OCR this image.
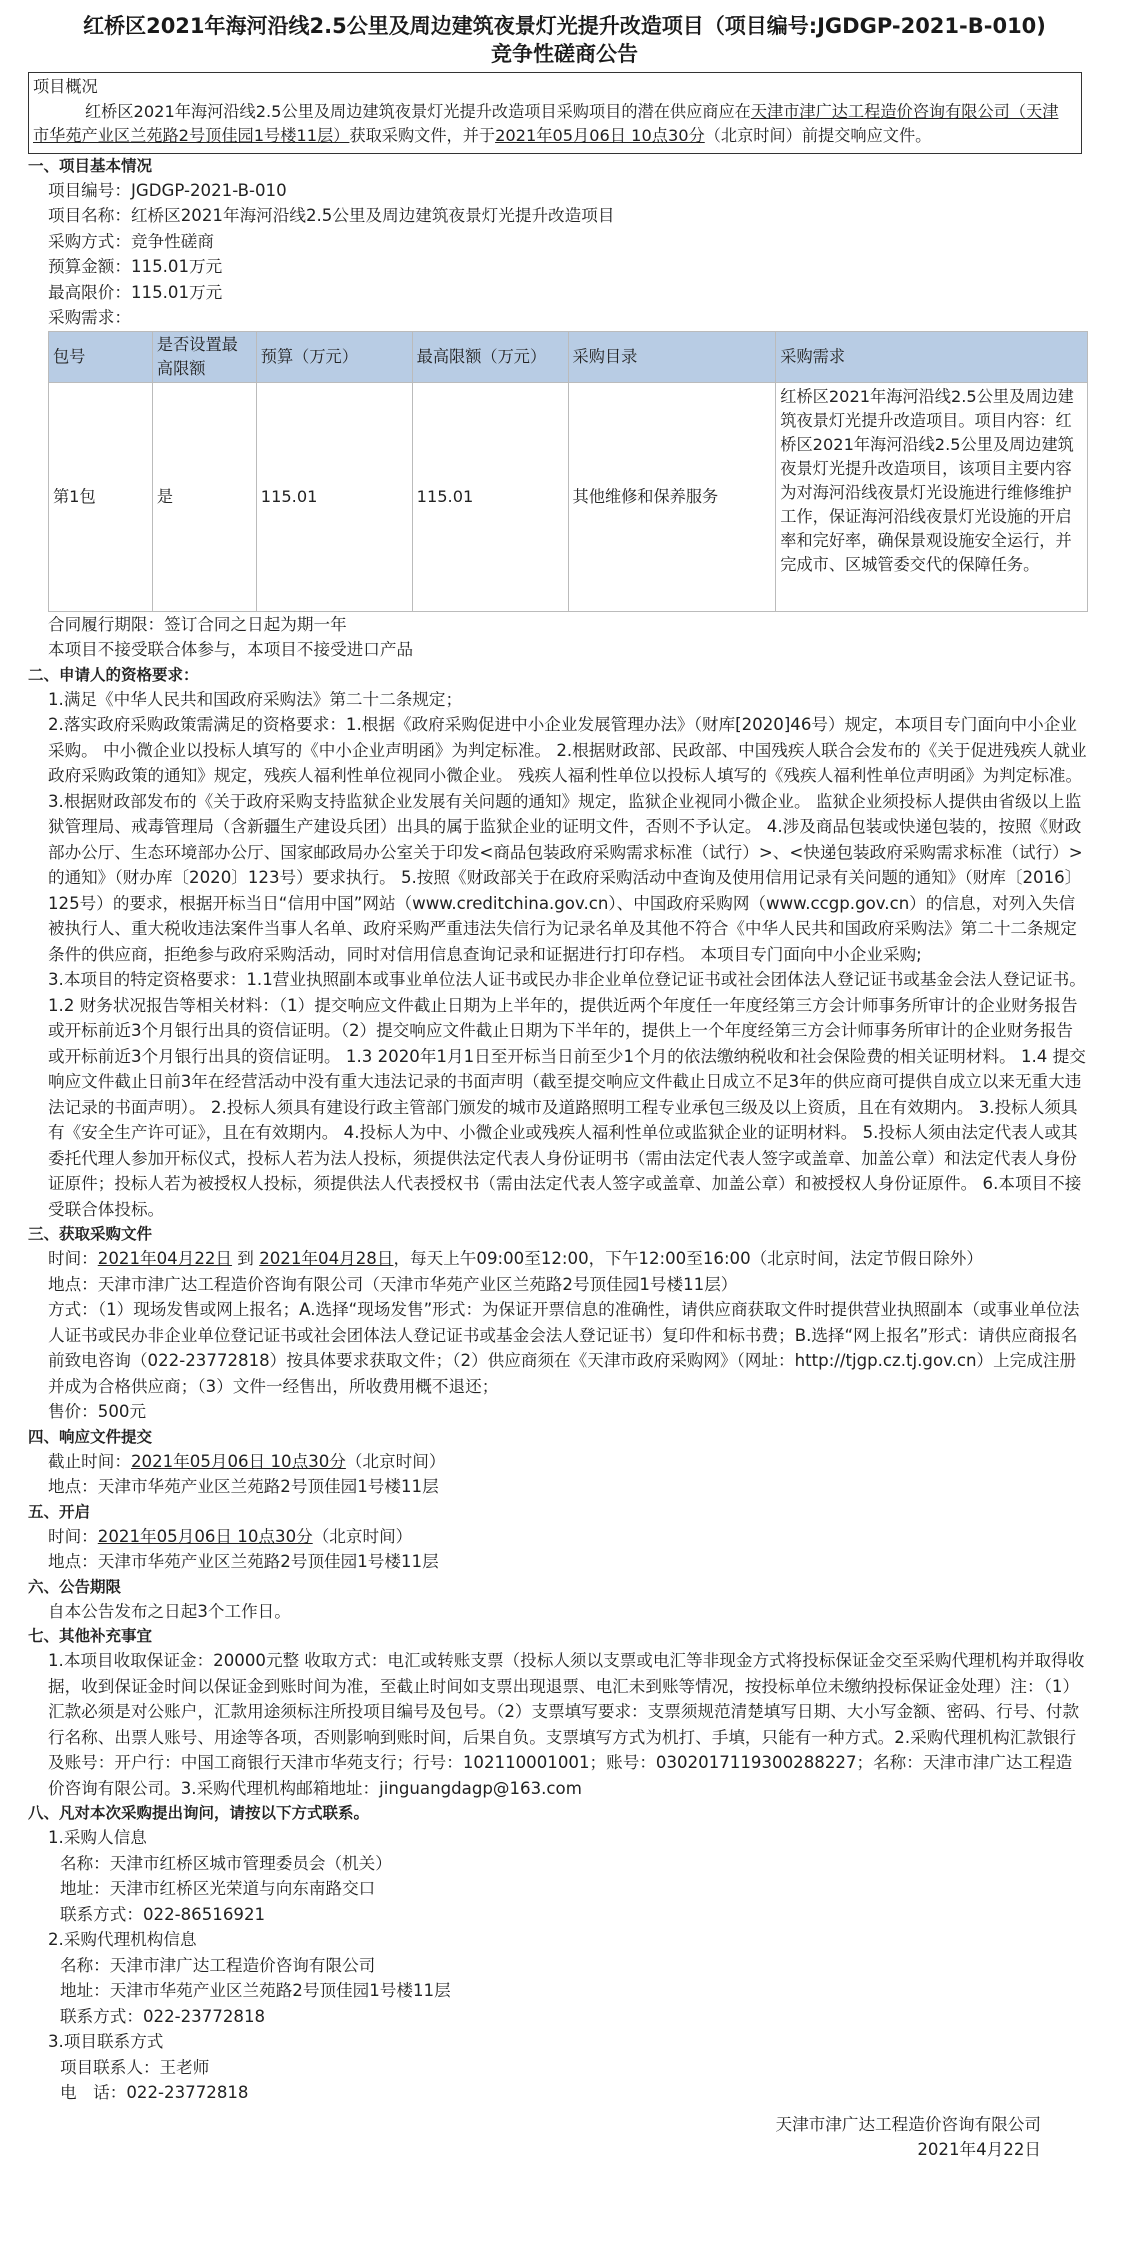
红桥区2021年海河沿线2.5公里及周边建筑夜景灯光提升改造项目（项目编号:JGDGP-2021-B-010)
竞争性磋商公告
项目概况

红桥区2021年海河沿线2.5公里及周边建筑夜景灯光提升改造项目采购项目的潜在供应商应在天津市津广达工程造价咨询有限公司（天津市华苑产业区兰苑路2号顶佳园1号楼11层）获取采购文件，并于2021年05月06日 10点30分（北京时间）前提交响应文件。

一、项目基本情况
项目编号：JGDGP-2021-B-010
项目名称：红桥区2021年海河沿线2.5公里及周边建筑夜景灯光提升改造项目
采购方式：竞争性磋商
预算金额：115.01万元
最高限价：115.01万元
采购需求：
包号	是否设置最高限额	预算（万元）	最高限额（万元）	采购目录	采购需求
第1包	是	115.01	115.01	其他维修和保养服务	红桥区2021年海河沿线2.5公里及周边建筑夜景灯光提升改造项目。项目内容：红桥区2021年海河沿线2.5公里及周边建筑夜景灯光提升改造项目，该项目主要内容为对海河沿线夜景灯光设施进行维修维护工作，保证海河沿线夜景灯光设施的开启率和完好率，确保景观设施安全运行，并完成市、区城管委交代的保障任务。
合同履行期限：签订合同之日起为期一年
本项目不接受联合体参与，本项目不接受进口产品
二、申请人的资格要求：
1.满足《中华人民共和国政府采购法》第二十二条规定；
2.落实政府采购政策需满足的资格要求：1.根据《政府采购促进中小企业发展管理办法》（财库[2020]46号）规定，本项目专门面向中小企业采购。 中小微企业以投标人填写的《中小企业声明函》为判定标准。 2.根据财政部、民政部、中国残疾人联合会发布的《关于促进残疾人就业政府采购政策的通知》规定，残疾人福利性单位视同小微企业。 残疾人福利性单位以投标人填写的《残疾人福利性单位声明函》为判定标准。 3.根据财政部发布的《关于政府采购支持监狱企业发展有关问题的通知》规定，监狱企业视同小微企业。 监狱企业须投标人提供由省级以上监狱管理局、戒毒管理局（含新疆生产建设兵团）出具的属于监狱企业的证明文件，否则不予认定。 4.涉及商品包装或快递包装的，按照《财政部办公厅、生态环境部办公厅、国家邮政局办公室关于印发<商品包装政府采购需求标准（试行）>、<快递包装政府采购需求标准（试行）>的通知》（财办库〔2020〕123号）要求执行。 5.按照《财政部关于在政府采购活动中查询及使用信用记录有关问题的通知》（财库〔2016〕125号）的要求，根据开标当日“信用中国”网站（www.creditchina.gov.cn）、中国政府采购网（www.ccgp.gov.cn）的信息，对列入失信被执行人、重大税收违法案件当事人名单、政府采购严重违法失信行为记录名单及其他不符合《中华人民共和国政府采购法》第二十二条规定条件的供应商，拒绝参与政府采购活动，同时对信用信息查询记录和证据进行打印存档。 本项目专门面向中小企业采购;
3.本项目的特定资格要求：1.1营业执照副本或事业单位法人证书或民办非企业单位登记证书或社会团体法人登记证书或基金会法人登记证书。 1.2 财务状况报告等相关材料：（1）提交响应文件截止日期为上半年的，提供近两个年度任一年度经第三方会计师事务所审计的企业财务报告或开标前近3个月银行出具的资信证明。（2）提交响应文件截止日期为下半年的，提供上一个年度经第三方会计师事务所审计的企业财务报告或开标前近3个月银行出具的资信证明。 1.3 2020年1月1日至开标当日前至少1个月的依法缴纳税收和社会保险费的相关证明材料。 1.4 提交响应文件截止日前3年在经营活动中没有重大违法记录的书面声明（截至提交响应文件截止日成立不足3年的供应商可提供自成立以来无重大违法记录的书面声明）。 2.投标人须具有建设行政主管部门颁发的城市及道路照明工程专业承包三级及以上资质，且在有效期内。 3.投标人须具有《安全生产许可证》，且在有效期内。 4.投标人为中、小微企业或残疾人福利性单位或监狱企业的证明材料。 5.投标人须由法定代表人或其委托代理人参加开标仪式，投标人若为法人投标，须提供法定代表人身份证明书（需由法定代表人签字或盖章、加盖公章）和法定代表人身份证原件；投标人若为被授权人投标，须提供法人代表授权书（需由法定代表人签字或盖章、加盖公章）和被授权人身份证原件。 6.本项目不接受联合体投标。
三、获取采购文件
时间：2021年04月22日 到 2021年04月28日，每天上午09:00至12:00，下午12:00至16:00（北京时间，法定节假日除外）
地点：天津市津广达工程造价咨询有限公司（天津市华苑产业区兰苑路2号顶佳园1号楼11层）
方式：（1）现场发售或网上报名；A.选择“现场发售”形式：为保证开票信息的准确性，请供应商获取文件时提供营业执照副本（或事业单位法人证书或民办非企业单位登记证书或社会团体法人登记证书或基金会法人登记证书）复印件和标书费；B.选择“网上报名”形式：请供应商报名前致电咨询（022-23772818）按具体要求获取文件；（2）供应商须在《天津市政府采购网》（网址：http://tjgp.cz.tj.gov.cn）上完成注册并成为合格供应商；（3）文件一经售出，所收费用概不退还；
售价：500元
四、响应文件提交
截止时间：2021年05月06日 10点30分（北京时间）
地点：天津市华苑产业区兰苑路2号顶佳园1号楼11层
五、开启
时间：2021年05月06日 10点30分（北京时间）
地点：天津市华苑产业区兰苑路2号顶佳园1号楼11层
六、公告期限
自本公告发布之日起3个工作日。
七、其他补充事宜
1.本项目收取保证金：20000元整 收取方式：电汇或转账支票（投标人须以支票或电汇等非现金方式将投标保证金交至采购代理机构并取得收据，收到保证金时间以保证金到账时间为准，至截止时间如支票出现退票、电汇未到账等情况，按投标单位未缴纳投标保证金处理）注：（1）汇款必须是对公账户，汇款用途须标注所投项目编号及包号。（2）支票填写要求：支票须规范清楚填写日期、大小写金额、密码、行号、付款行名称、出票人账号、用途等各项，否则影响到账时间，后果自负。支票填写方式为机打、手填，只能有一种方式。2.采购代理机构汇款银行及账号：开户行：中国工商银行天津市华苑支行；行号：102110001001；账号：0302017119300288227；名称：天津市津广达工程造价咨询有限公司。3.采购代理机构邮箱地址：jinguangdagp@163.com
八、凡对本次采购提出询问，请按以下方式联系。
1.采购人信息
名称：天津市红桥区城市管理委员会（机关）
地址：天津市红桥区光荣道与向东南路交口
联系方式：022-86516921
2.采购代理机构信息
名称：天津市津广达工程造价咨询有限公司
地址：天津市华苑产业区兰苑路2号顶佳园1号楼11层
联系方式：022-23772818
3.项目联系方式
项目联系人：王老师
电　话：022-23772818
天津市津广达工程造价咨询有限公司
2021年4月22日
